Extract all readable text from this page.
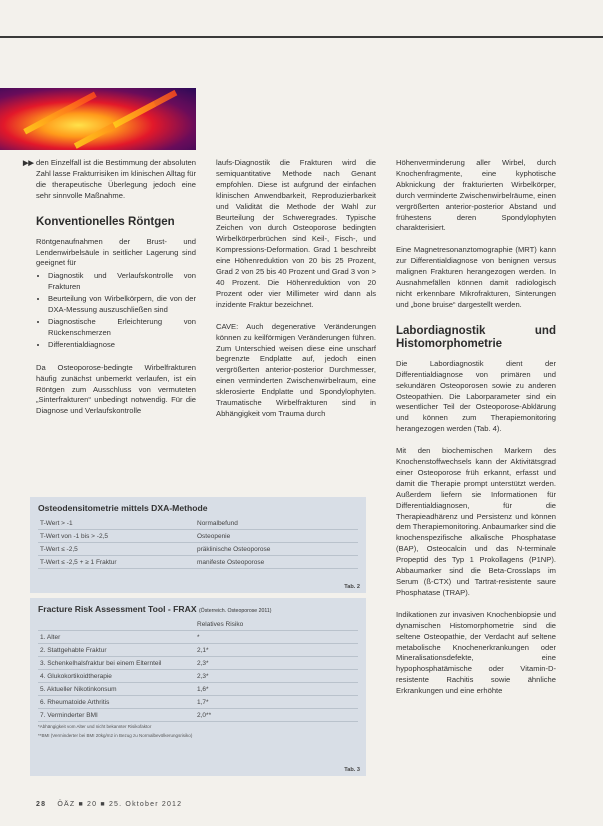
▶▶ den Einzelfall ist die Bestimmung der absoluten Zahl lasse Frakturrisiken im klinischen Alltag für die therapeutische Überlegung jedoch eine sehr sinnvolle Maßnahme.

Konventionelles Röntgen

Röntgenaufnahmen der Brust- und Lendenwirbelsäule in seitlicher Lagerung sind geeignet für

• Diagnostik und Verlaufskontrolle von Frakturen
• Beurteilung von Wirbelkörpern, die von der DXA-Messung auszuschließen sind
• Diagnostische Erleichterung von Rückenschmerzen
• Differentialdiagnose

Da Osteoporose-bedingte Wirbelfrakturen häufig zunächst unbemerkt verlaufen, ist ein Röntgen zum Ausschluss von vermuteten „Sinterfrakturen“ unbedingt notwendig. Für die Diagnose und Verlaufskontrolle

laufs-Diagnostik die Frakturen wird die semiquantitative Methode nach Genant empfohlen. Diese ist aufgrund der einfachen klinischen Anwendbarkeit, Reproduzierbarkeit und Validität die Methode der Wahl zur Beurteilung der Schweregrades. Typische Zeichen von durch Osteoporose bedingten Wirbelkörperbrüchen sind Keil-, Fisch-, und Kompressions-Deformation. Grad 1 beschreibt eine Höhenreduktion von 20 bis 25 Prozent, Grad 2 von 25 bis 40 Prozent und Grad 3 von > 40 Prozent. Die Höhenreduktion von 20 Prozent oder vier Millimeter wird dann als inzidente Fraktur bezeichnet.

CAVE: Auch degenerative Veränderungen können zu keilförmigen Veränderungen führen. Zum Unterschied weisen diese eine unscharf begrenzte Endplatte auf, jedoch einen vergrößerten anterior-posterior Durchmesser, einen verminderten Zwischenwirbelraum, eine sklerosierte Endplatte und Spondylophyten. Traumatische Wirbelfrakturen sind in Abhängigkeit vom Trauma durch

Höhenverminderung aller Wirbel, durch Knochenfragmente, eine kyphotische Abknickung der frakturierten Wirbelkörper, durch verminderte Zwischenwirbelräume, einen vergrößerten anterior-posterior Abstand und frühestens deren Spondylophyten charakterisiert.

Eine Magnetresonanztomographie (MRT) kann zur Differentialdiagnose von benignen versus malignen Frakturen herangezogen werden. In Ausnahmefällen können damit radiologisch nicht erkennbare Mikrofrakturen, Sinterungen und „bone bruise“ dargestellt werden.

Labordiagnostik und Histomorphometrie

Die Labordiagnostik dient der Differentialdiagnose von primären und sekundären Osteoporosen sowie zu anderen Osteopathien. Die Laborparameter sind ein wesentlicher Teil der Osteoporose-Abklärung und können zum Therapiemonitoring herangezogen werden (Tab. 4).

Mit den biochemischen Markern des Knochenstoffwechsels kann der Aktivitätsgrad einer Osteoporose früh erkannt, erfasst und damit die Therapie prompt unterstützt werden. Außerdem liefern sie Informationen für Differentialdiagnosen, für die Therapieadhärenz und Persistenz und können dem Therapiemonitoring. Anbaumarker sind die knochenspezifische alkalische Phosphatase (BAP), Osteocalcin und das N-terminale Propeptid des Typ 1 Prokollagens (P1NP). Abbaumarker sind die Beta-Crosslaps im Serum (ß-CTX) und Tartrat-resistente saure Phosphatase (TRAP).

Indikationen zur invasiven Knochenbiopsie und dynamischen Histomorphometrie sind die seltene Osteopathie, der Verdacht auf seltene metabolische Knochenerkrankungen oder Mineralisationsdefekte, eine hypophosphatämische oder Vitamin-D-resistente Rachitis sowie ähnliche Erkrankungen und eine erhöhte

Osteodensitometrie mittels DXA-Methode
T-Wert > -1	Normalbefund
T-Wert von -1 bis > -2,5	Osteopenie
T-Wert ≤ -2,5	präklinische Osteoporose
T-Wert ≤ -2,5 + ≥ 1 Fraktur	manifeste Osteoporose
Tab. 2
Fracture Risk Assessment Tool - FRAX (Österreich. Osteoporose 2011)
Relatives Risiko
1. Alter	*
2. Stattgehabte Fraktur	2,1*
3. Schenkelhalsfraktur bei einem Elternteil	2,3*
4. Glukokortikoidtherapie	2,3*
5. Aktueller Nikotinkonsum	1,6*
6. Rheumatoide Arthritis	1,7*
7. Verminderter BMI	2,0**
*Abhängigkeit vom Alter und nicht bekannter Risikofaktor
**BMI (Verminderter bei BMI 20kg/m2 in Bezug zu Normalbevölkerungsrisiko)
Tab. 3
28 ÖÄZ ■ 20 ■ 25. Oktober 2012
